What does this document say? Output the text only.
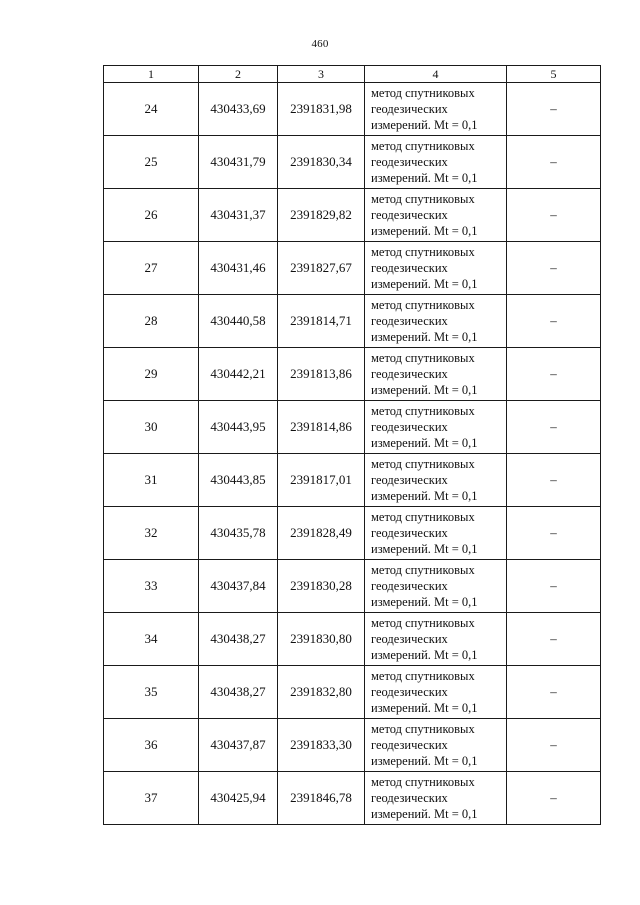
460
1	2	3	4	5
24	430433,69	2391831,98	метод спутниковых
геодезических
измерений. Mt = 0,1	–
25	430431,79	2391830,34	метод спутниковых
геодезических
измерений. Mt = 0,1	–
26	430431,37	2391829,82	метод спутниковых
геодезических
измерений. Mt = 0,1	–
27	430431,46	2391827,67	метод спутниковых
геодезических
измерений. Mt = 0,1	–
28	430440,58	2391814,71	метод спутниковых
геодезических
измерений. Mt = 0,1	–
29	430442,21	2391813,86	метод спутниковых
геодезических
измерений. Mt = 0,1	–
30	430443,95	2391814,86	метод спутниковых
геодезических
измерений. Mt = 0,1	–
31	430443,85	2391817,01	метод спутниковых
геодезических
измерений. Mt = 0,1	–
32	430435,78	2391828,49	метод спутниковых
геодезических
измерений. Mt = 0,1	–
33	430437,84	2391830,28	метод спутниковых
геодезических
измерений. Mt = 0,1	–
34	430438,27	2391830,80	метод спутниковых
геодезических
измерений. Mt = 0,1	–
35	430438,27	2391832,80	метод спутниковых
геодезических
измерений. Mt = 0,1	–
36	430437,87	2391833,30	метод спутниковых
геодезических
измерений. Mt = 0,1	–
37	430425,94	2391846,78	метод спутниковых
геодезических
измерений. Mt = 0,1	–
